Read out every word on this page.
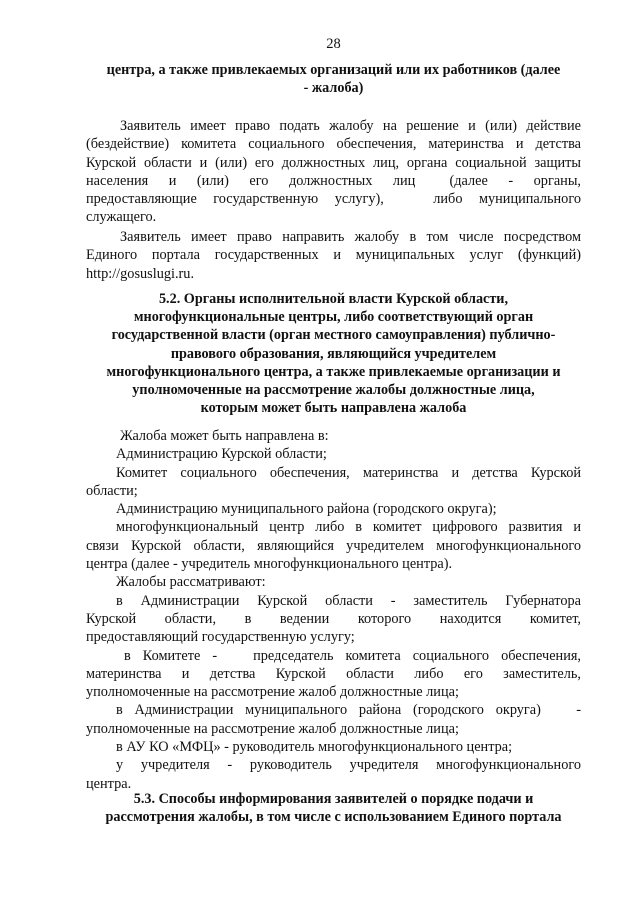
28
центра, а также привлекаемых организаций или их работников (далее
- жалоба)
Заявитель имеет право подать жалобу на решение и (или) действие
(бездействие) комитета социального обеспечения, материнства и детства
Курской области и (или) его должностных лиц, органа социальной защиты
населения   и   (или)   его   должностных   лиц     (далее   -   органы,
предоставляющие  государственную  услугу),      либо  муниципального
служащего.
Заявитель имеет право направить жалобу в том числе посредством
Единого портала государственных и муниципальных услуг (функций)
http://gosuslugi.ru.
5.2. Органы исполнительной власти Курской области,
многофункциональные центры, либо соответствующий орган
государственной власти (орган местного самоуправления) публично-
правового образования, являющийся учредителем
многофункционального центра, а также привлекаемые организации и
уполномоченные на рассмотрение жалобы должностные лица,
которым может быть направлена жалоба
Жалоба может быть направлена в:
Администрацию Курской области;
Комитет социального обеспечения, материнства и детства Курской
области;
Администрацию муниципального района (городского округа);
многофункциональный центр либо в комитет цифрового развития и
связи Курской области, являющийся учредителем многофункционального
центра (далее - учредитель многофункционального центра).
Жалобы рассматривают:
в  Администрации  Курской  области  -  заместитель  Губернатора
Курской       области,       в       ведении       которого       находится       комитет,
предоставляющий государственную услугу;
в Комитете -   председатель комитета социального обеспечения,
материнства    и    детства    Курской    области    либо    его    заместитель,
уполномоченные на рассмотрение жалоб должностные лица;
в Администрации муниципального района (городского округа)   -
уполномоченные на рассмотрение жалоб должностные лица;
в АУ КО «МФЦ» - руководитель многофункционального центра;
у  учредителя  -  руководитель  учредителя  многофункционального
центра.
5.3. Способы информирования заявителей о порядке подачи и
рассмотрения жалобы, в том числе с использованием Единого портала
